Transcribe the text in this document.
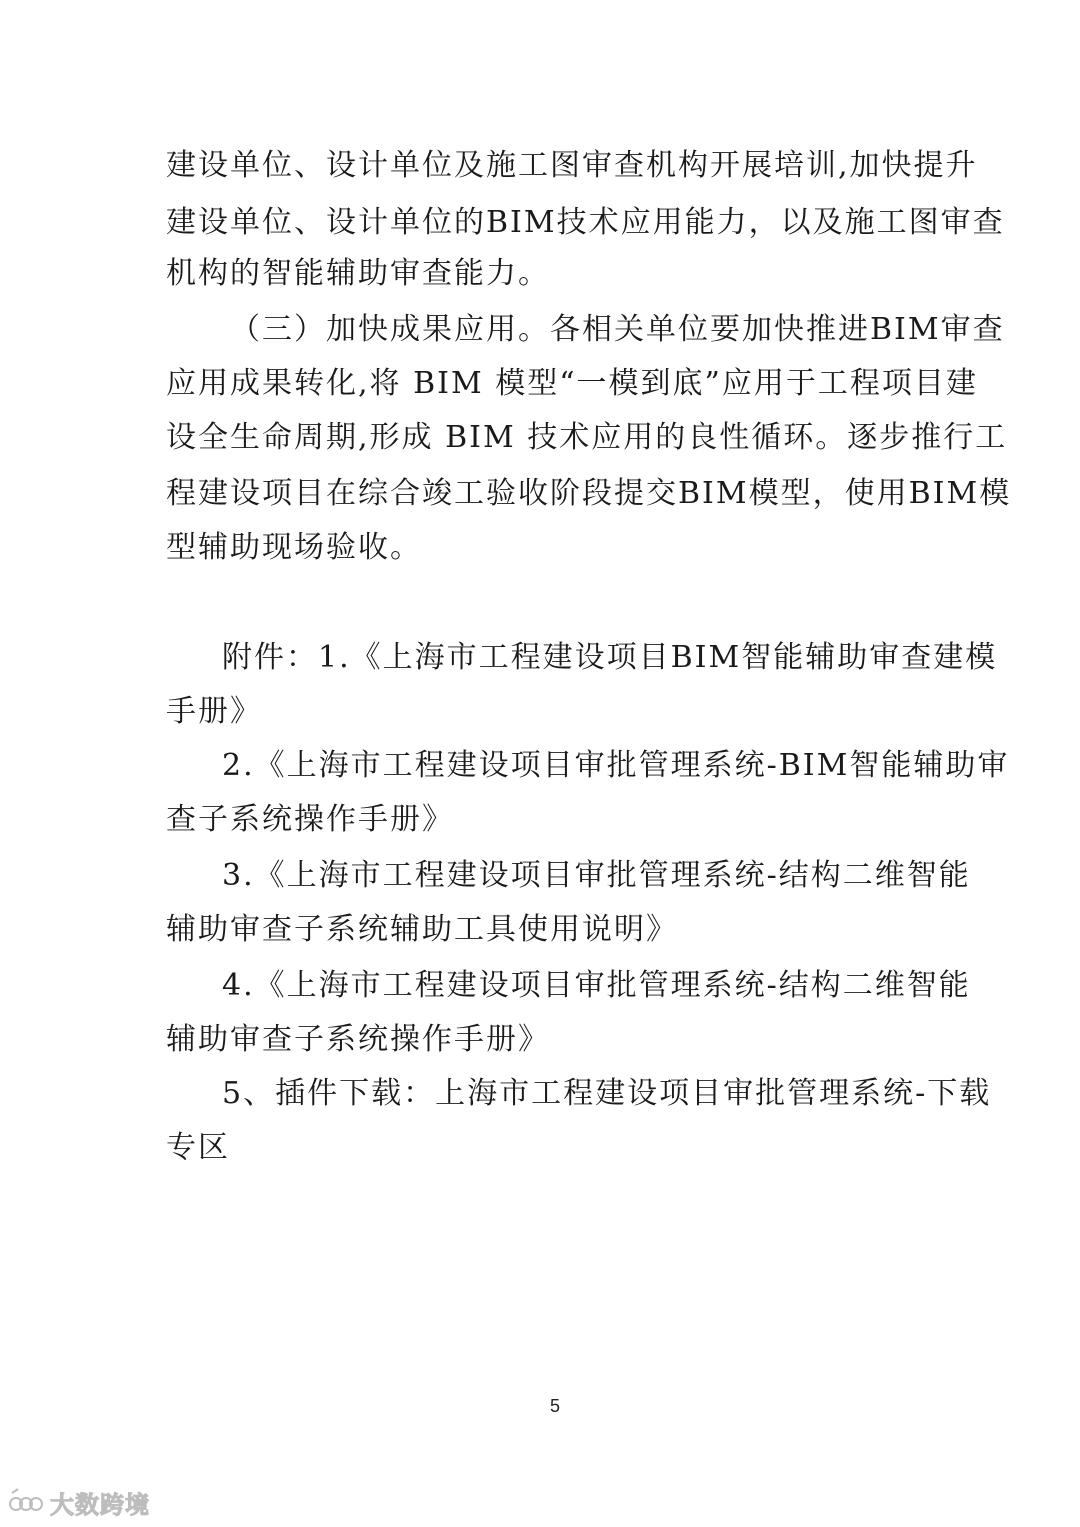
建设单位、设计单位及施工图审查机构开展培训,加快提升
建设单位、设计单位的BIM技术应用能力，以及施工图审查
机构的智能辅助审查能力。
（三）加快成果应用。各相关单位要加快推进BIM审查
应用成果转化,将 BIM 模型“一模到底”应用于工程项目建
设全生命周期,形成 BIM 技术应用的良性循环。逐步推行工
程建设项目在综合竣工验收阶段提交BIM模型，使用BIM模
型辅助现场验收。
附件：1.《上海市工程建设项目BIM智能辅助审查建模
手册》
2.《上海市工程建设项目审批管理系统-BIM智能辅助审
查子系统操作手册》
3.《上海市工程建设项目审批管理系统-结构二维智能
辅助审查子系统辅助工具使用说明》
4.《上海市工程建设项目审批管理系统-结构二维智能
辅助审查子系统操作手册》
5、插件下载：上海市工程建设项目审批管理系统-下载
专区
5
大数跨境
